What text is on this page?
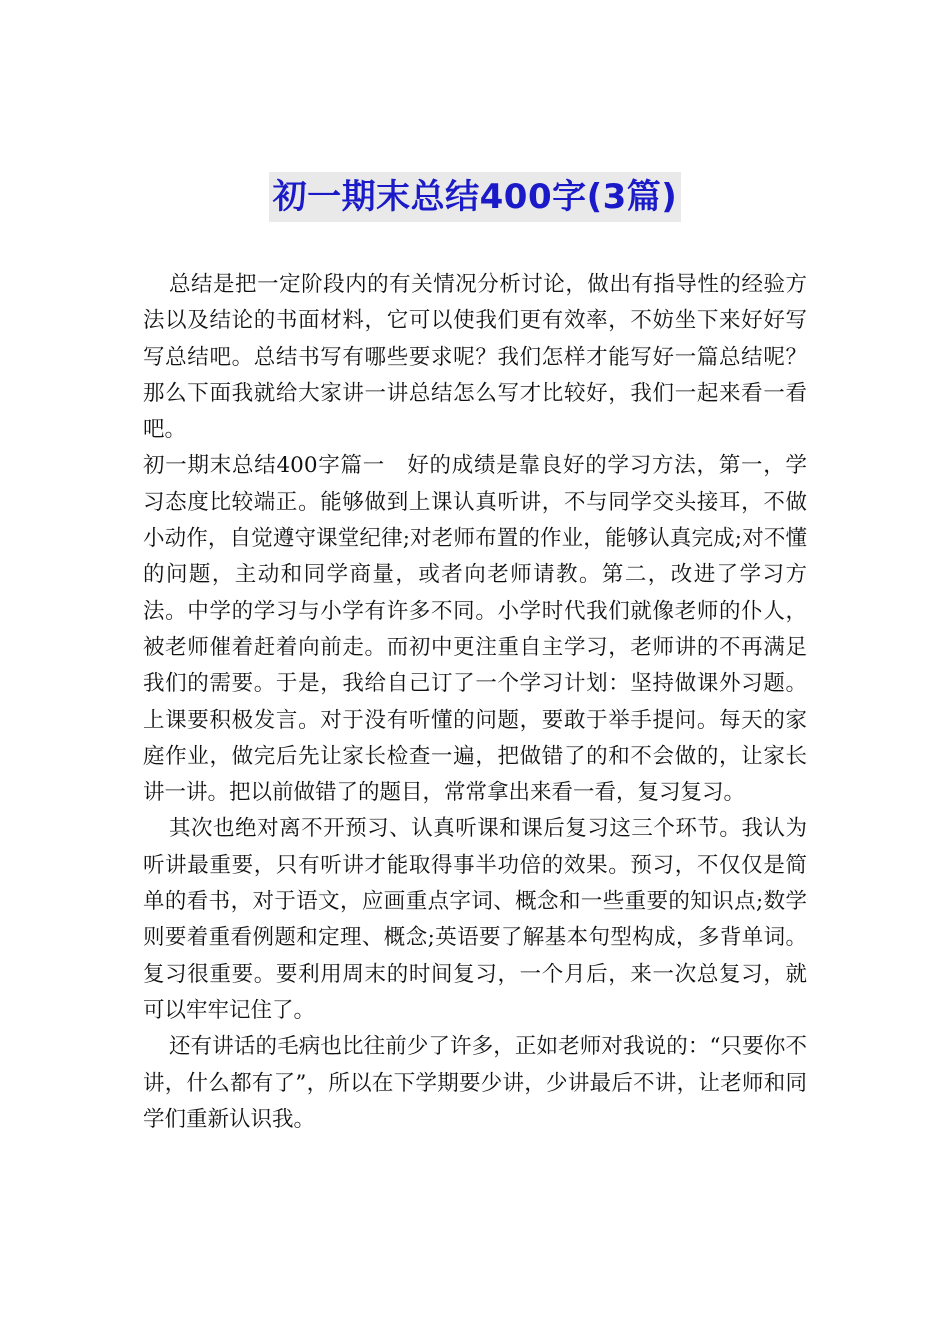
初一期末总结400字(3篇)

总结是把一定阶段内的有关情况分析讨论，做出有指导性的经验方法以及结论的书面材料，它可以使我们更有效率，不妨坐下来好好写写总结吧。总结书写有哪些要求呢？我们怎样才能写好一篇总结呢？那么下面我就给大家讲一讲总结怎么写才比较好，我们一起来看一看吧。

初一期末总结400字篇一　好的成绩是靠良好的学习方法，第一，学习态度比较端正。能够做到上课认真听讲，不与同学交头接耳，不做小动作，自觉遵守课堂纪律;对老师布置的作业，能够认真完成;对不懂的问题，主动和同学商量，或者向老师请教。第二，改进了学习方法。中学的学习与小学有许多不同。小学时代我们就像老师的仆人，被老师催着赶着向前走。而初中更注重自主学习，老师讲的不再满足我们的需要。于是，我给自己订了一个学习计划：坚持做课外习题。上课要积极发言。对于没有听懂的问题，要敢于举手提问。每天的家庭作业，做完后先让家长检查一遍，把做错了的和不会做的，让家长讲一讲。把以前做错了的题目，常常拿出来看一看，复习复习。

其次也绝对离不开预习、认真听课和课后复习这三个环节。我认为听讲最重要，只有听讲才能取得事半功倍的效果。预习，不仅仅是简单的看书，对于语文，应画重点字词、概念和一些重要的知识点;数学则要着重看例题和定理、概念;英语要了解基本句型构成，多背单词。复习很重要。要利用周末的时间复习，一个月后，来一次总复习，就可以牢牢记住了。

还有讲话的毛病也比往前少了许多，正如老师对我说的：“只要你不讲，什么都有了”，所以在下学期要少讲，少讲最后不讲，让老师和同学们重新认识我。
